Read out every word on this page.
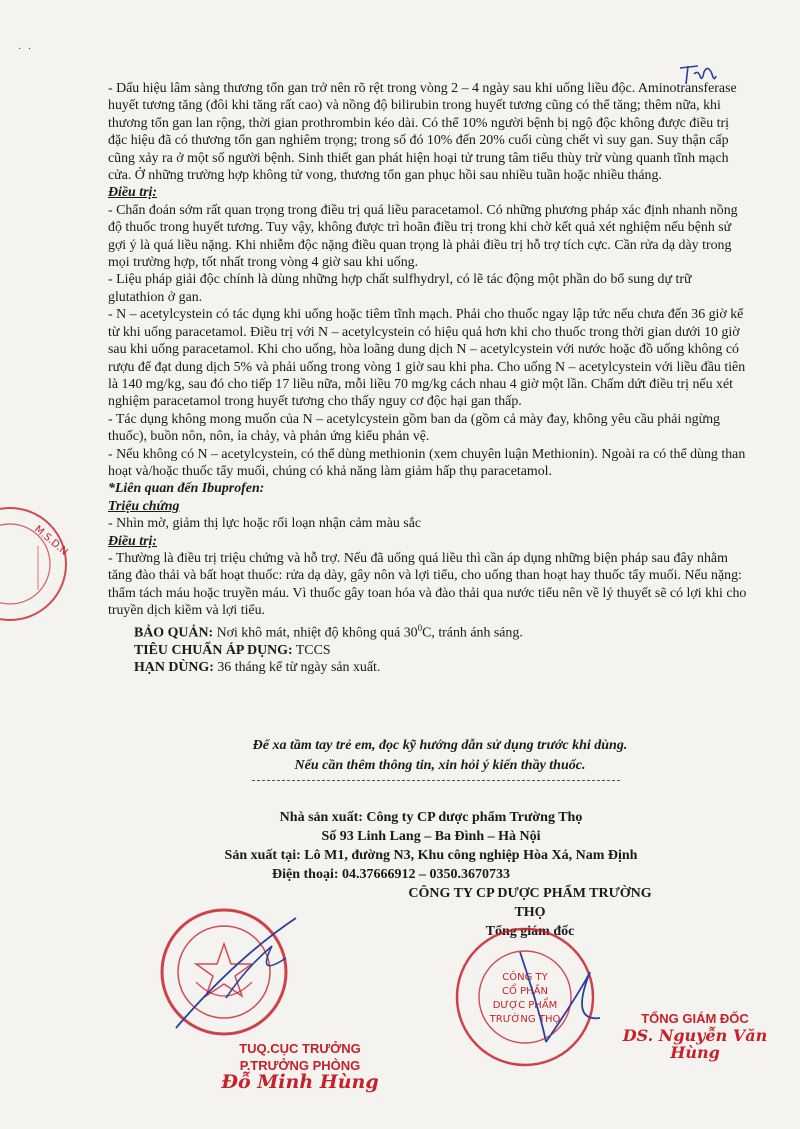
· ·

- Dấu hiệu lâm sàng thương tổn gan trở nên rõ rệt trong vòng 2 – 4 ngày sau khi uống liều độc. Aminotransferase huyết tương tăng (đôi khi tăng rất cao) và nồng độ bilirubin trong huyết tương cũng có thể tăng; thêm nữa, khi thương tổn gan lan rộng, thời gian prothrombin kéo dài. Có thể 10% người bệnh bị ngộ độc không được điều trị đặc hiệu đã có thương tổn gan nghiêm trọng; trong số đó 10% đến 20% cuối cùng chết vì suy gan. Suy thận cấp cũng xảy ra ở một số người bệnh. Sinh thiết gan phát hiện hoại tử trung tâm tiểu thùy trừ vùng quanh tĩnh mạch cửa. Ở những trường hợp không tử vong, thương tổn gan phục hồi sau nhiều tuần hoặc nhiều tháng.

Điều trị:

- Chẩn đoán sớm rất quan trọng trong điều trị quá liều paracetamol. Có những phương pháp xác định nhanh nồng độ thuốc trong huyết tương. Tuy vậy, không được trì hoãn điều trị trong khi chờ kết quả xét nghiệm nếu bệnh sử gợi ý là quá liều nặng. Khi nhiễm độc nặng điều quan trọng là phải điều trị hỗ trợ tích cực. Cần rửa dạ dày trong mọi trường hợp, tốt nhất trong vòng 4 giờ sau khi uống.

- Liệu pháp giải độc chính là dùng những hợp chất sulfhydryl, có lẽ tác động một phần do bổ sung dự trữ glutathion ở gan.

- N – acetylcystein có tác dụng khi uống hoặc tiêm tĩnh mạch. Phải cho thuốc ngay lập tức nếu chưa đến 36 giờ kể từ khi uống paracetamol. Điều trị với N – acetylcystein có hiệu quả hơn khi cho thuốc trong thời gian dưới 10 giờ sau khi uống paracetamol. Khi cho uống, hòa loãng dung dịch N – acetylcystein với nước hoặc đồ uống không có rượu để đạt dung dịch 5% và phải uống trong vòng 1 giờ sau khi pha. Cho uống N – acetylcystein với liều đầu tiên là 140 mg/kg, sau đó cho tiếp 17 liều nữa, mỗi liều 70 mg/kg cách nhau 4 giờ một lần. Chấm dứt điều trị nếu xét nghiệm paracetamol trong huyết tương cho thấy nguy cơ độc hại gan thấp.

- Tác dụng không mong muốn của N – acetylcystein gồm ban da (gồm cả mày đay, không yêu cầu phải ngừng thuốc), buồn nôn, nôn, ỉa chảy, và phản ứng kiểu phản vệ.

- Nếu không có N – acetylcystein, có thể dùng methionin (xem chuyên luận Methionin). Ngoài ra có thể dùng than hoạt và/hoặc thuốc tẩy muối, chúng có khả năng làm giảm hấp thụ paracetamol.

*Liên quan đến Ibuprofen:

Triệu chứng

- Nhìn mờ, giảm thị lực hoặc rối loạn nhận cảm màu sắc

Điều trị:

- Thường là điều trị triệu chứng và hỗ trợ. Nếu đã uống quá liều thì cần áp dụng những biện pháp sau đây nhằm tăng đào thải và bất hoạt thuốc: rửa dạ dày, gây nôn và lợi tiểu, cho uống than hoạt hay thuốc tẩy muối. Nếu nặng: thẩm tách máu hoặc truyền máu. Vì thuốc gây toan hóa và đào thải qua nước tiểu nên về lý thuyết sẽ có lợi khi cho truyền dịch kiềm và lợi tiểu.

BẢO QUẢN: Nơi khô mát, nhiệt độ không quá $30^0C$, tránh ánh sáng.

TIÊU CHUẨN ÁP DỤNG: TCCS

HẠN DÙNG: 36 tháng kể từ ngày sản xuất.

Để xa tầm tay trẻ em, đọc kỹ hướng dẫn sử dụng trước khi dùng.
Nếu cần thêm thông tin, xin hỏi ý kiến thầy thuốc.
Nhà sản xuất: Công ty CP dược phẩm Trường Thọ
Số 93 Linh Lang – Ba Đình – Hà Nội
Sản xuất tại: Lô M1, đường N3, Khu công nghiệp Hòa Xá, Nam Định
Điện thoại: 04.37666912 – 0350.3670733
CÔNG TY CP DƯỢC PHẨM TRƯỜNG THỌ
Tổng giám đốc
M.S.D.N
TUQ.CỤC TRƯỞNG
P.TRƯỞNG PHÒNG
Đỗ Minh Hùng
CÔNG TY
CỔ PHẦN
DƯỢC PHẨM
TRƯỜNG THỌ	TỔNG GIÁM ĐỐC
DS. Nguyễn Văn Hùng
